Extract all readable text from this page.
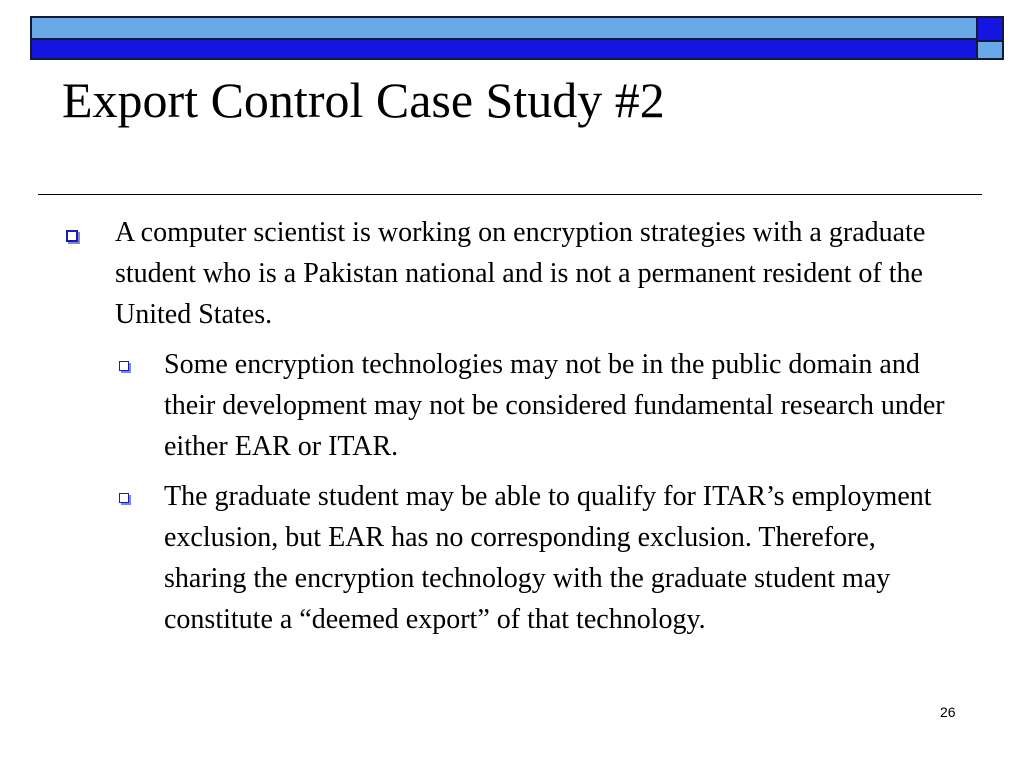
Export Control Case Study #2

A computer scientist is working on encryption strategies with a graduate student who is a Pakistan national and is not a permanent resident of the United States.

Some encryption technologies may not be in the public domain and their development may not be considered fundamental research under either EAR or ITAR.

The graduate student may be able to qualify for ITAR’s employment exclusion, but EAR has no corresponding exclusion. Therefore, sharing the encryption technology with the graduate student may constitute a “deemed export” of that technology.

26
